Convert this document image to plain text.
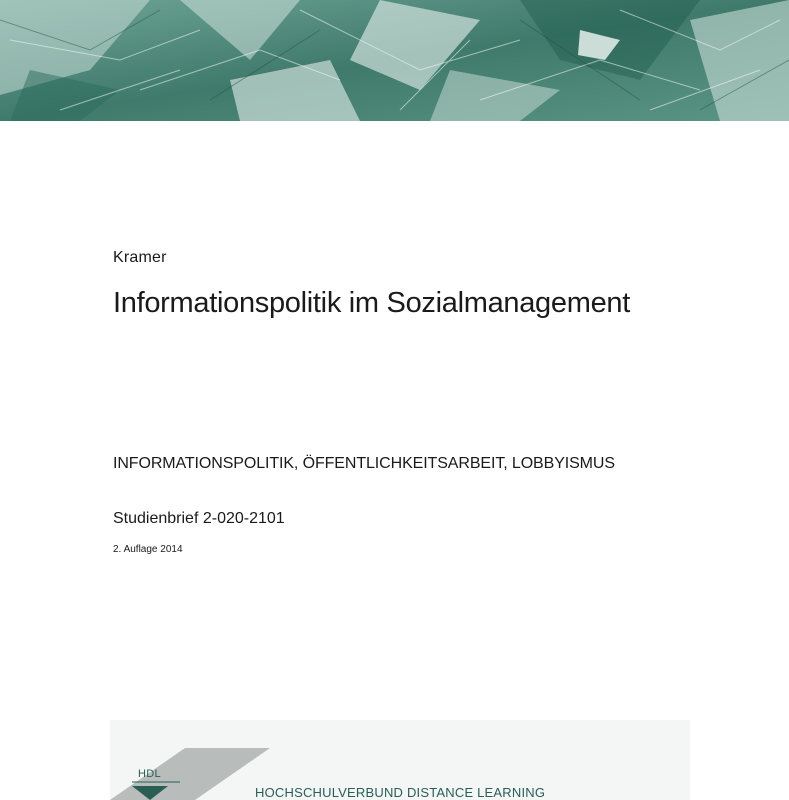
Kramer
Informationspolitik im Sozialmanagement
INFORMATIONSPOLITIK, ÖFFENTLICHKEITSARBEIT, LOBBYISMUS
Studienbrief 2-020-2101
2. Auflage 2014
HDL
HOCHSCHULVERBUND DISTANCE LEARNING
